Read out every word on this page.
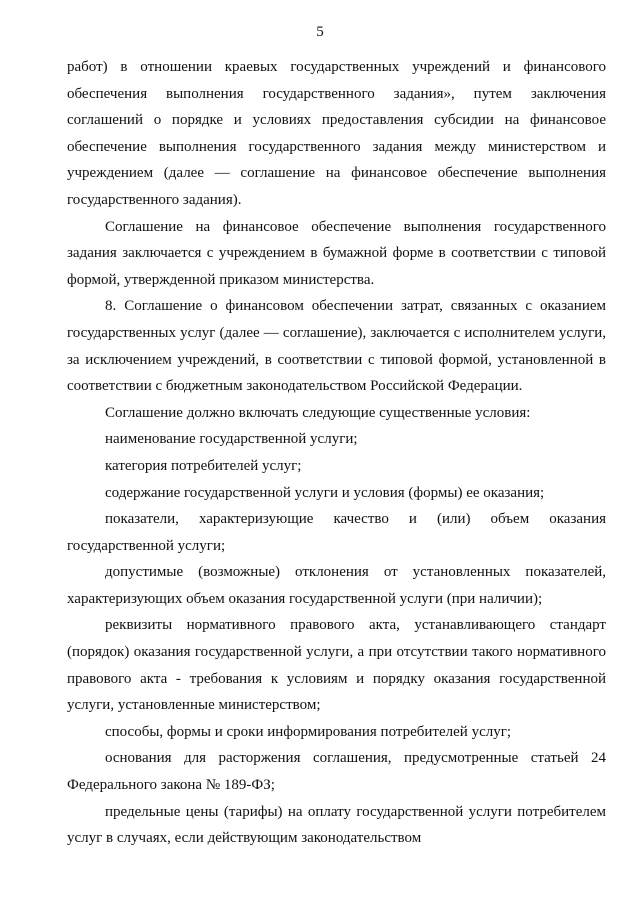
5

работ) в отношении краевых государственных учреждений и финансового обеспечения выполнения государственного задания», путем заключения соглашений о порядке и условиях предоставления субсидии на финансовое обеспечение выполнения государственного задания между министерством и учреждением (далее — соглашение на финансовое обеспечение выполнения государственного задания).

Соглашение на финансовое обеспечение выполнения государственного задания заключается с учреждением в бумажной форме в соответствии с типовой формой, утвержденной приказом министерства.

8. Соглашение о финансовом обеспечении затрат, связанных с оказанием государственных услуг (далее — соглашение), заключается с исполнителем услуги, за исключением учреждений, в соответствии с типовой формой, установленной в соответствии с бюджетным законодательством Российской Федерации.

Соглашение должно включать следующие существенные условия:

наименование государственной услуги;

категория потребителей услуг;

содержание государственной услуги и условия (формы) ее оказания;

показатели, характеризующие качество и (или) объем оказания государственной услуги;

допустимые (возможные) отклонения от установленных показателей, характеризующих объем оказания государственной услуги (при наличии);

реквизиты нормативного правового акта, устанавливающего стандарт (порядок) оказания государственной услуги, а при отсутствии такого нормативного правового акта - требования к условиям и порядку оказания государственной услуги, установленные министерством;

способы, формы и сроки информирования потребителей услуг;

основания для расторжения соглашения, предусмотренные статьей 24 Федерального закона № 189-ФЗ;

предельные цены (тарифы) на оплату государственной услуги потребителем услуг в случаях, если действующим законодательством
